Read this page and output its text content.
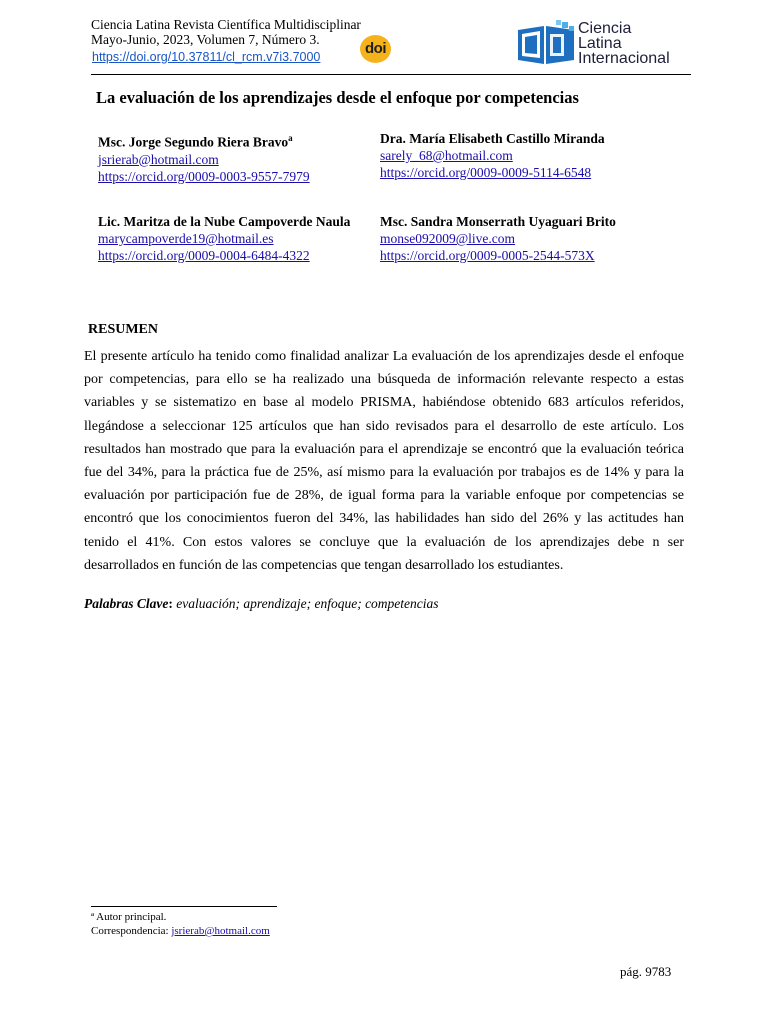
Ciencia Latina Revista Científica Multidisciplinar
Mayo-Junio, 2023, Volumen 7, Número 3.
https://doi.org/10.37811/cl_rcm.v7i3.7000	doi
Ciencia
Latina
Internacional
La evaluación de los aprendizajes desde el enfoque por competencias
Msc. Jorge Segundo Riera Bravo$^a$
jsrierab@hotmail.com
https://orcid.org/0009-0003-9557-7979
Dra. María Elisabeth Castillo Miranda
sarely_68@hotmail.com
https://orcid.org/0009-0009-5114-6548
Lic. Maritza de la Nube Campoverde Naula
marycampoverde19@hotmail.es
https://orcid.org/0009-0004-6484-4322
Msc. Sandra Monserrath Uyaguari Brito
monse092009@live.com
https://orcid.org/0009-0005-2544-573X
RESUMEN

El presente artículo ha tenido como finalidad analizar La evaluación de los aprendizajes desde el enfoque por competencias, para ello se ha realizado una búsqueda de información relevante respecto a estas variables y se sistematizo en base al modelo PRISMA, habiéndose obtenido 683 artículos referidos, llegándose a seleccionar 125 artículos que han sido revisados para el desarrollo de este artículo. Los resultados han mostrado que para la evaluación para el aprendizaje se encontró que la evaluación teórica fue del 34%, para la práctica fue de 25%, así mismo para la evaluación por trabajos es de 14% y para la evaluación por participación fue de 28%, de igual forma para la variable enfoque por competencias se encontró que los conocimientos fueron del 34%, las habilidades han sido del 26% y las actitudes han tenido el 41%. Con estos valores se concluye que la evaluación de los aprendizajes debe n ser desarrollados en función de las competencias que tengan desarrollado los estudiantes.

Palabras Clave: evaluación; aprendizaje; enfoque; competencias
ª Autor principal.
Correspondencia: jsrierab@hotmail.com
pág. 9783
